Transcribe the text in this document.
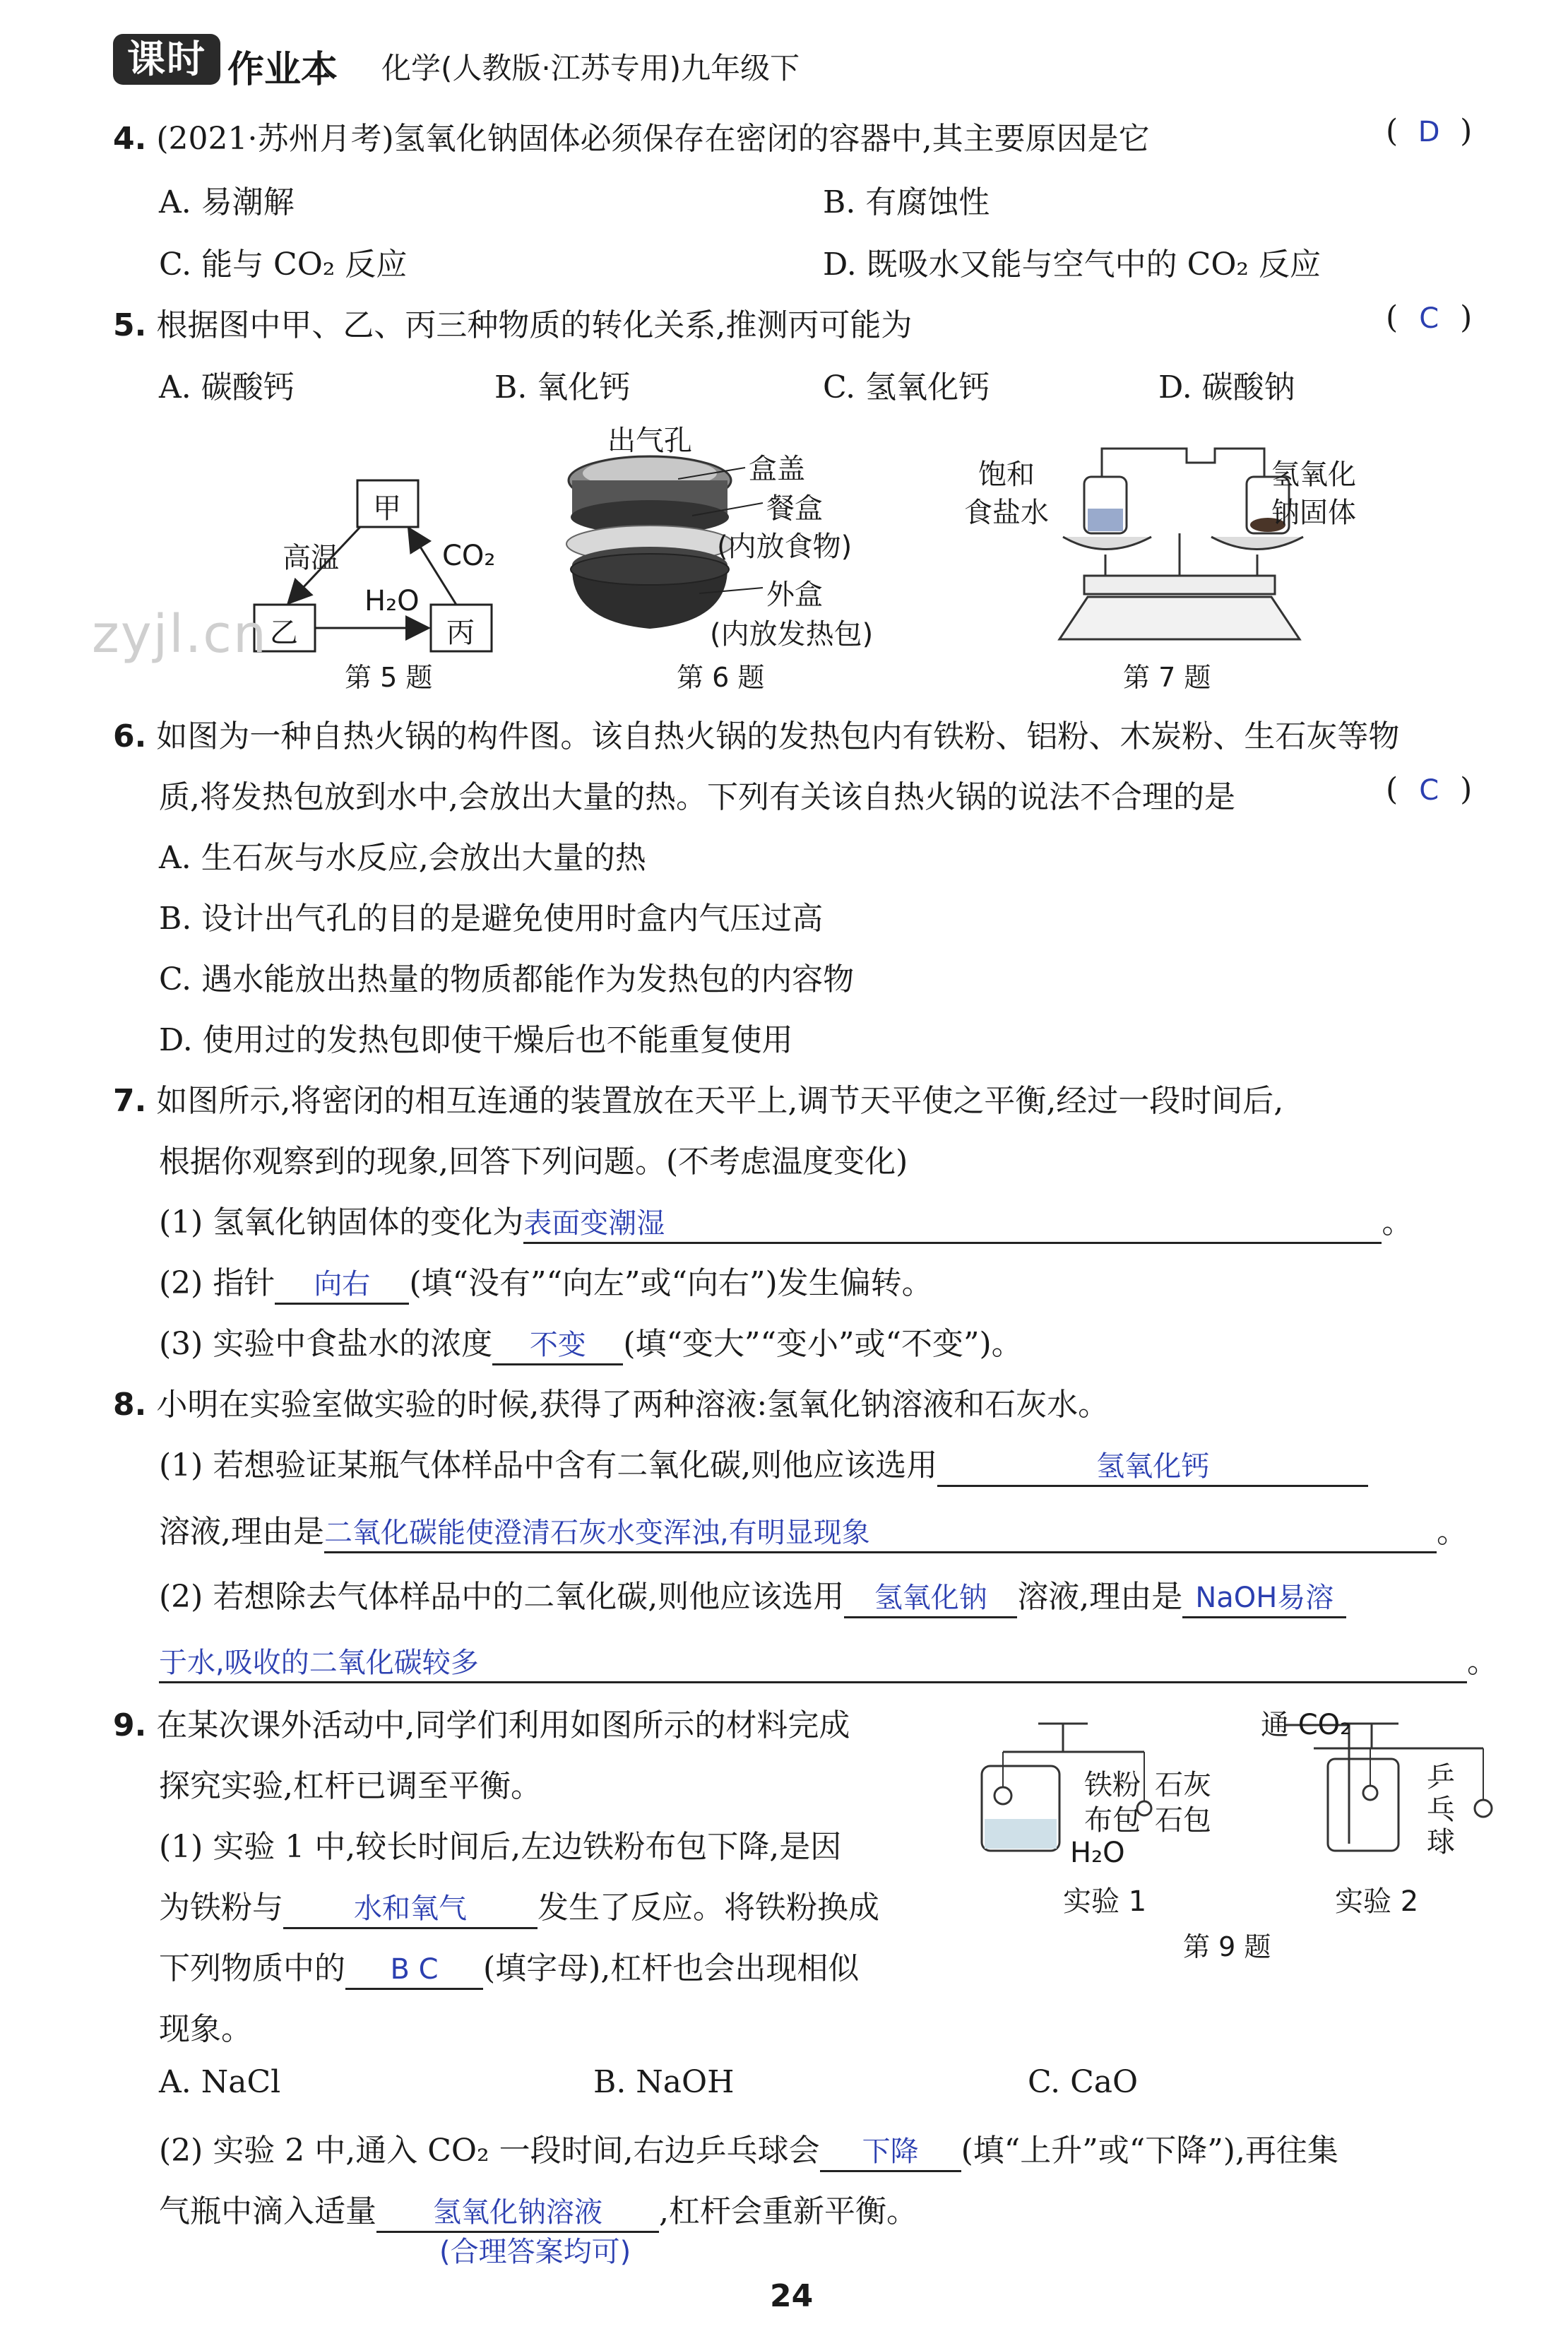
课时 作业本 化学(人教版·江苏专用)九年级下
4. (2021·苏州月考)氢氧化钠固体必须保存在密闭的容器中,其主要原因是它	( D )
A. 易潮解	B. 有腐蚀性
C. 能与 CO₂ 反应	D. 既吸水又能与空气中的 CO₂ 反应
5. 根据图中甲、乙、丙三种物质的转化关系,推测丙可能为	( C )
A. 碳酸钙	B. 氧化钙	C. 氢氧化钙	D. 碳酸钠
甲
乙	丙
高温	CO₂
H₂O
第 5 题
zyjl.cn
出气孔
盒盖
餐盒
(内放食物)
外盒
(内放发热包)
第 6 题
饱和
食盐水
氢氧化
钠固体
第 7 题
6. 如图为一种自热火锅的构件图。该自热火锅的发热包内有铁粉、铝粉、木炭粉、生石灰等物
质,将发热包放到水中,会放出大量的热。下列有关该自热火锅的说法不合理的是	( C )
A. 生石灰与水反应,会放出大量的热
B. 设计出气孔的目的是避免使用时盒内气压过高
C. 遇水能放出热量的物质都能作为发热包的内容物
D. 使用过的发热包即使干燥后也不能重复使用
7. 如图所示,将密闭的相互连通的装置放在天平上,调节天平使之平衡,经过一段时间后,
根据你观察到的现象,回答下列问题。(不考虑温度变化)
(1) 氢氧化钠固体的变化为表面变潮湿	。
(2) 指针 向右 (填“没有”“向左”或“向右”)发生偏转。
(3) 实验中食盐水的浓度 不变 (填“变大”“变小”或“不变”)。
8. 小明在实验室做实验的时候,获得了两种溶液:氢氧化钠溶液和石灰水。
(1) 若想验证某瓶气体样品中含有二氧化碳,则他应该选用	氢氧化钙
溶液,理由是二氧化碳能使澄清石灰水变浑浊,有明显现象	。
(2) 若想除去气体样品中的二氧化碳,则他应该选用 氢氧化钠 溶液,理由是 NaOH易溶
于水,吸收的二氧化碳较多	。
9. 在某次课外活动中,同学们利用如图所示的材料完成
探究实验,杠杆已调至平衡。
(1) 实验 1 中,较长时间后,左边铁粉布包下降,是因
为铁粉与	水和氧气 发生了反应。将铁粉换成
下列物质中的 B C (填字母),杠杆也会出现相似
现象。
A. NaCl	B. NaOH	C. CaO
(2) 实验 2 中,通入 CO₂ 一段时间,右边乒乓球会 下降 (填“上升”或“下降”),再往集
气瓶中滴入适量 氢氧化钠溶液 ,杠杆会重新平衡。
(合理答案均可)
铁粉
布包
石灰
石包
H₂O
实验 1
通 CO₂
乒
乓
球
实验 2
第 9 题
24
